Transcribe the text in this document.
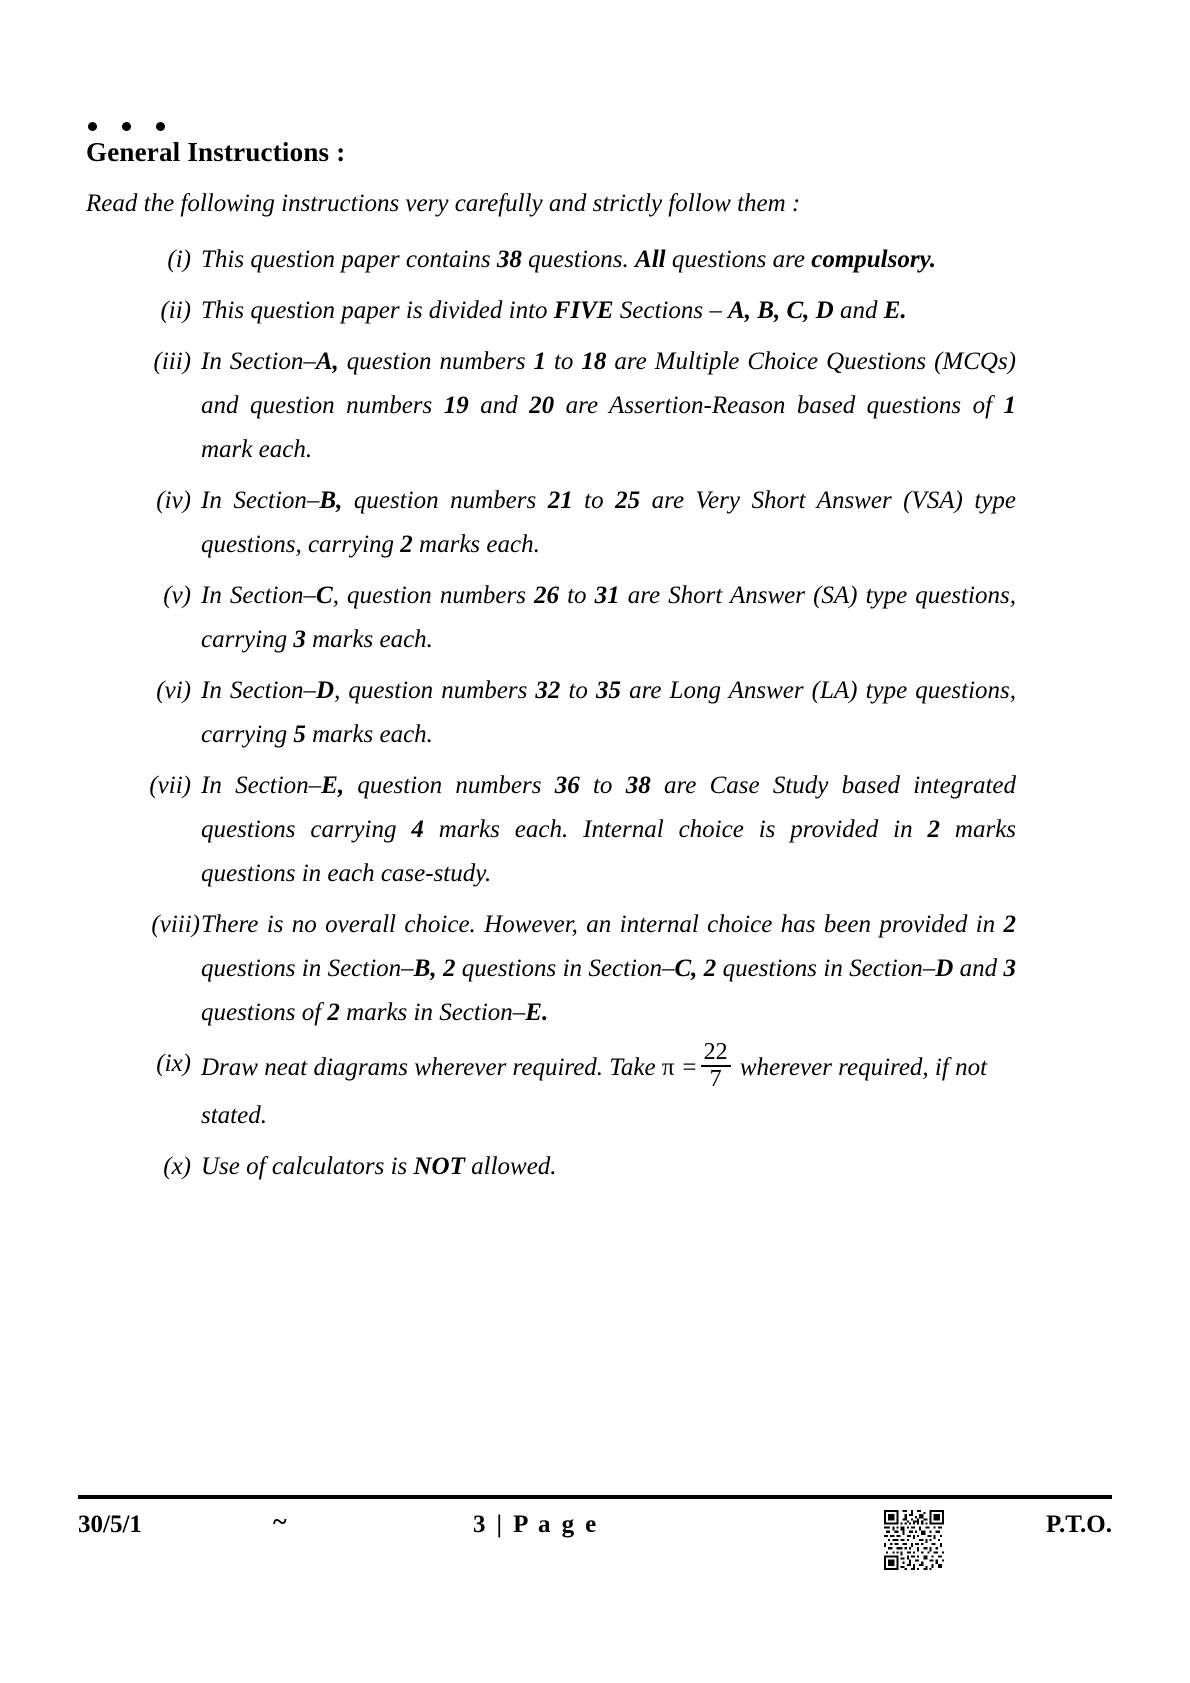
General Instructions :
Read the following instructions very carefully and strictly follow them :
(i) This question paper contains 38 questions. All questions are compulsory.
(ii) This question paper is divided into FIVE Sections – A, B, C, D and E.
(iii) In Section–A, question numbers 1 to 18 are Multiple Choice Questions (MCQs) and question numbers 19 and 20 are Assertion-Reason based questions of 1 mark each.
(iv) In Section–B, question numbers 21 to 25 are Very Short Answer (VSA) type questions, carrying 2 marks each.
(v) In Section–C, question numbers 26 to 31 are Short Answer (SA) type questions, carrying 3 marks each.
(vi) In Section–D, question numbers 32 to 35 are Long Answer (LA) type questions, carrying 5 marks each.
(vii) In Section–E, question numbers 36 to 38 are Case Study based integrated questions carrying 4 marks each. Internal choice is provided in 2 marks questions in each case-study.
(viii) There is no overall choice. However, an internal choice has been provided in 2 questions in Section–B, 2 questions in Section–C, 2 questions in Section–D and 3 questions of 2 marks in Section–E.
(ix) Draw neat diagrams wherever required. Take $\pi = \frac{22}{7}$ wherever required, if not stated.
(x) Use of calculators is NOT allowed.
30/5/1	~	3 | P a g e	P.T.O.
